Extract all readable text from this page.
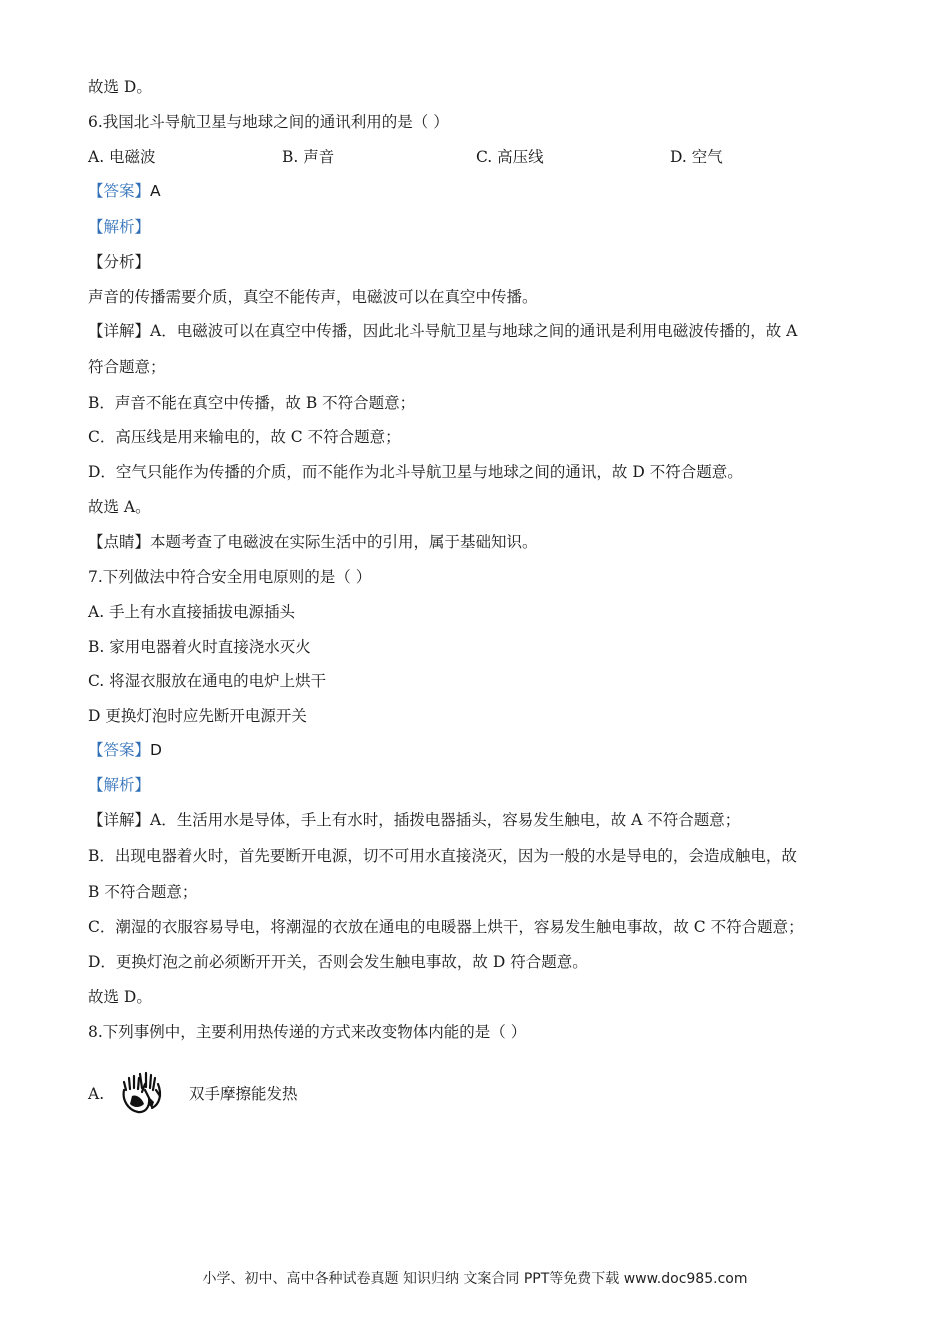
故选 D。
6.我国北斗导航卫星与地球之间的通讯利用的是（ ）
A. 电磁波	B. 声音	C. 高压线	D. 空气
【答案】A
【解析】
【分析】
声音的传播需要介质，真空不能传声，电磁波可以在真空中传播。
【详解】A．电磁波可以在真空中传播，因此北斗导航卫星与地球之间的通讯是利用电磁波传播的，故 A
符合题意；
B．声音不能在真空中传播，故 B 不符合题意；
C．高压线是用来输电的，故 C 不符合题意；
D．空气只能作为传播的介质，而不能作为北斗导航卫星与地球之间的通讯，故 D 不符合题意。
故选 A。
【点睛】本题考查了电磁波在实际生活中的引用，属于基础知识。
7.下列做法中符合安全用电原则的是（ ）
A. 手上有水直接插拔电源插头
B. 家用电器着火时直接浇水灭火
C. 将湿衣服放在通电的电炉上烘干
D 更换灯泡时应先断开电源开关
【答案】D
【解析】
【详解】A．生活用水是导体，手上有水时，插拨电器插头，容易发生触电，故 A 不符合题意；
B．出现电器着火时，首先要断开电源，切不可用水直接浇灭，因为一般的水是导电的，会造成触电，故
B 不符合题意；
C．潮湿的衣服容易导电，将潮湿的衣放在通电的电暖器上烘干，容易发生触电事故，故 C 不符合题意；
D．更换灯泡之前必须断开开关，否则会发生触电事故，故 D 符合题意。
故选 D。
8.下列事例中，主要利用热传递的方式来改变物体内能的是（ ）
A.	双手摩擦能发热
小学、初中、高中各种试卷真题 知识归纳 文案合同 PPT等免费下载 www.doc985.com
